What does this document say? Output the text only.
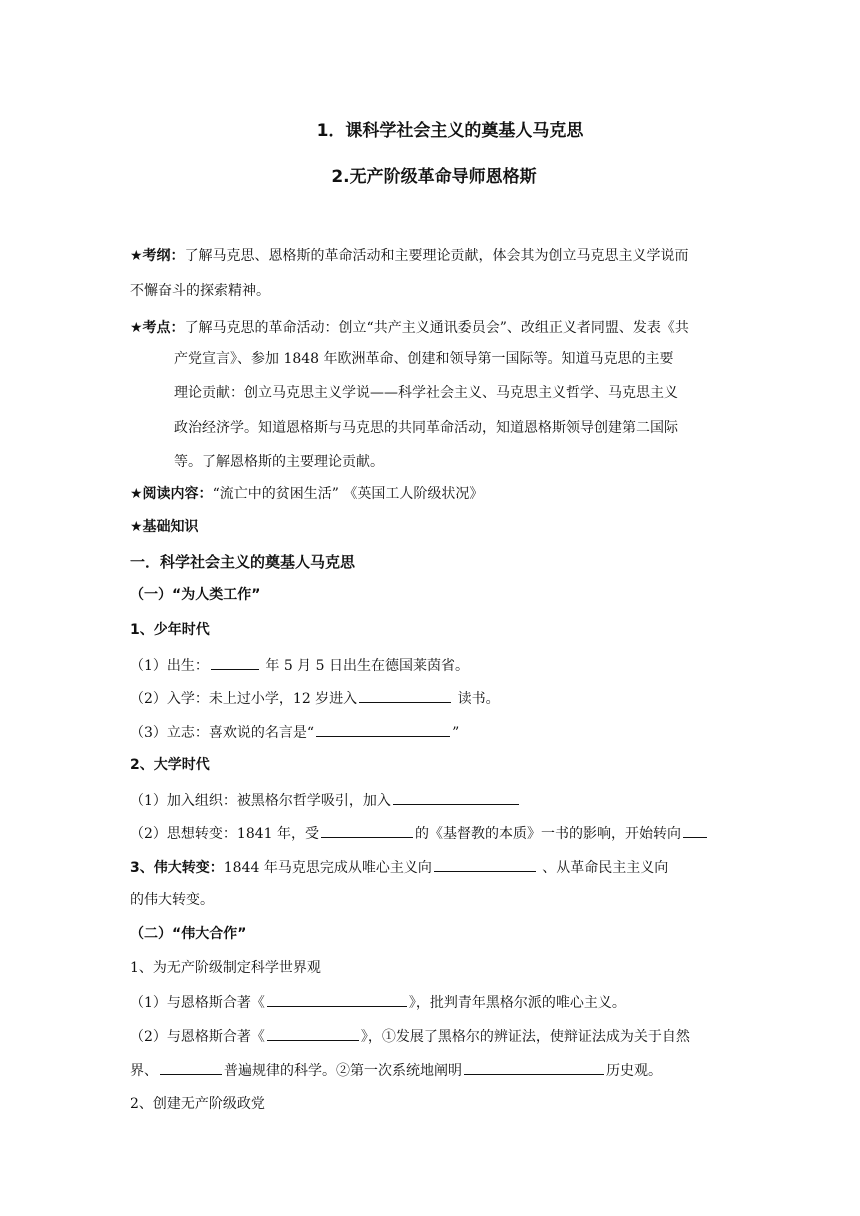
1．课科学社会主义的奠基人马克思
2.无产阶级革命导师恩格斯
★考纲：了解马克思、恩格斯的革命活动和主要理论贡献，体会其为创立马克思主义学说而
不懈奋斗的探索精神。
★考点：了解马克思的革命活动：创立“共产主义通讯委员会”、改组正义者同盟、发表《共
产党宣言》、参加 1848 年欧洲革命、创建和领导第一国际等。知道马克思的主要
理论贡献：创立马克思主义学说——科学社会主义、马克思主义哲学、马克思主义
政治经济学。知道恩格斯与马克思的共同革命活动，知道恩格斯领导创建第二国际
等。了解恩格斯的主要理论贡献。
★阅读内容：“流亡中的贫困生活” 《英国工人阶级状况》
★基础知识
一．科学社会主义的奠基人马克思
（一）“为人类工作”
1、少年时代
（1）出生：	年 5 月 5 日出生在德国莱茵省。
（2）入学：未上过小学，12 岁进入	读书。
（3）立志：喜欢说的名言是“	”
2、大学时代
（1）加入组织：被黑格尔哲学吸引，加入
（2）思想转变：1841 年，受	的《基督教的本质》一书的影响，开始转向
3、伟大转变：1844 年马克思完成从唯心主义向	、从革命民主主义向
的伟大转变。
（二）“伟大合作”
1、为无产阶级制定科学世界观
（1）与恩格斯合著《	》，批判青年黑格尔派的唯心主义。
（2）与恩格斯合著《	》，①发展了黑格尔的辨证法，使辩证法成为关于自然
界、	普遍规律的科学。②第一次系统地阐明	历史观。
2、创建无产阶级政党
